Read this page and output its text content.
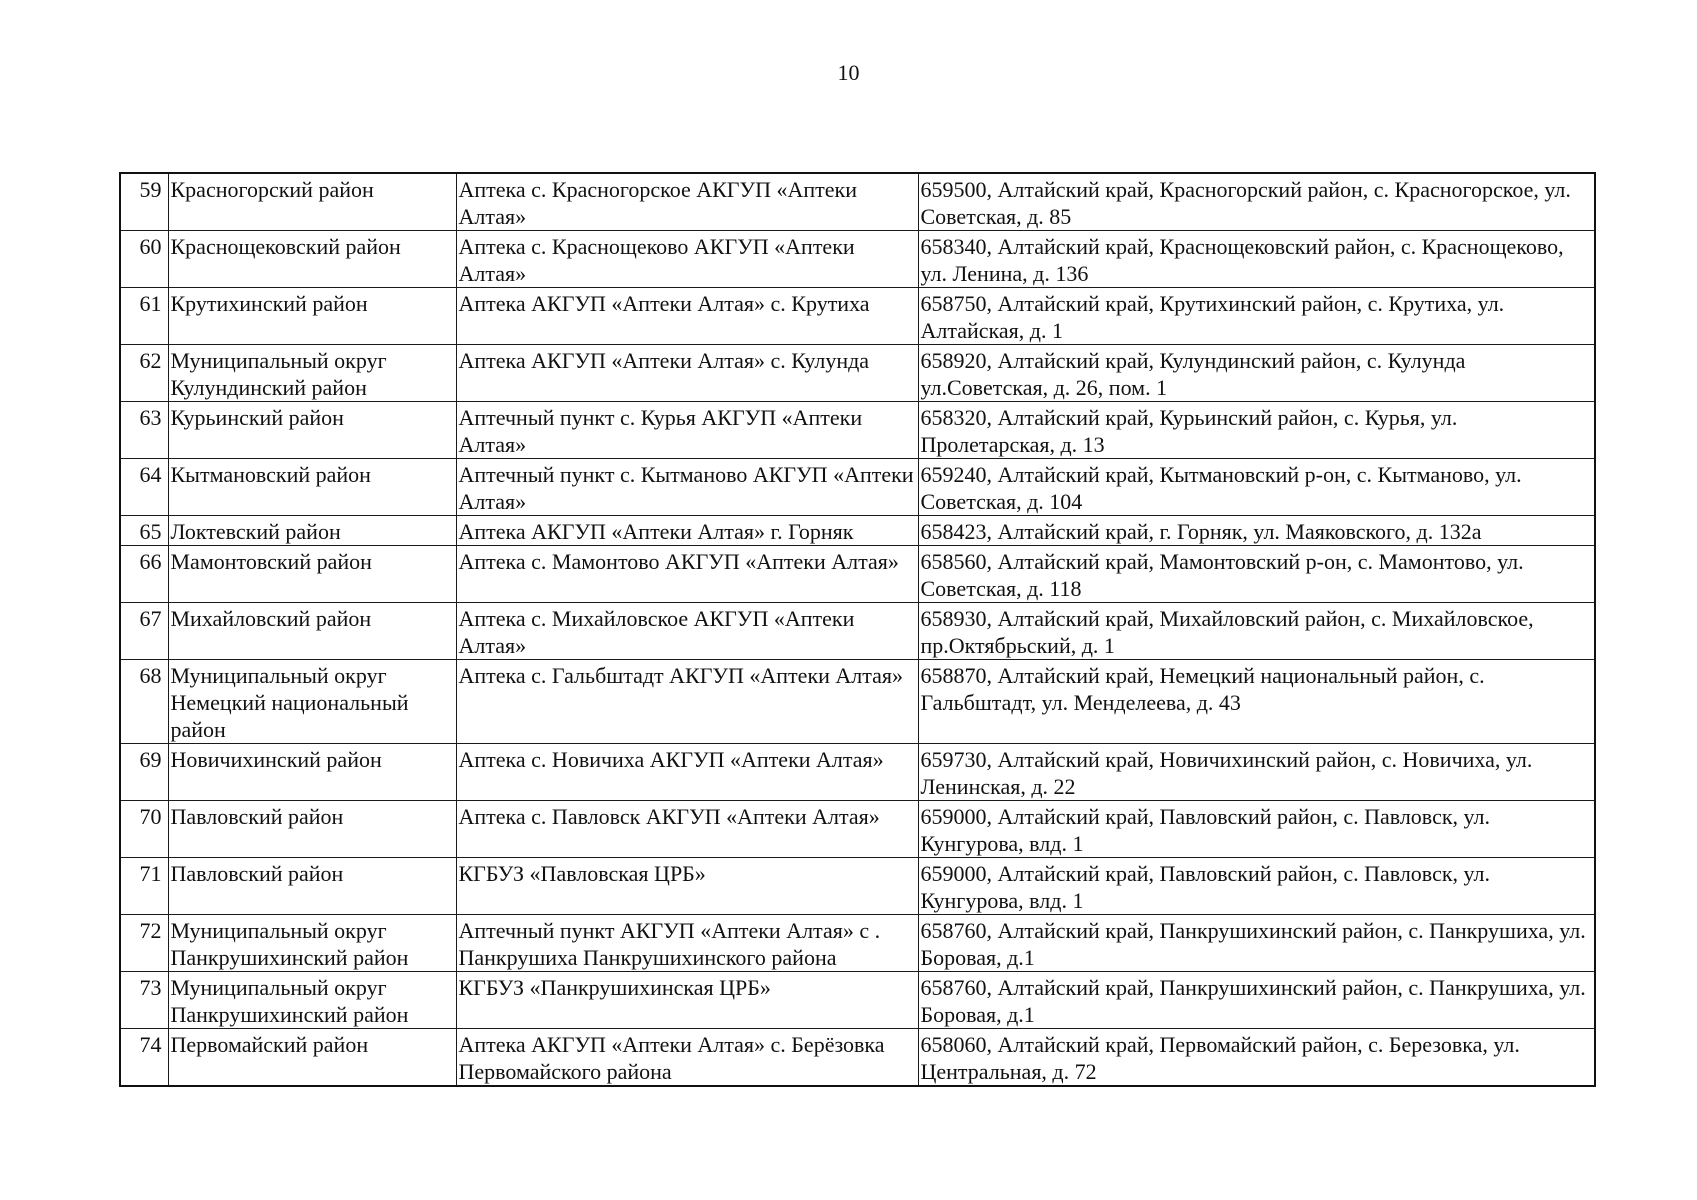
10
59	Красногорский район	Аптека с. Красногорское АКГУП «Аптеки Алтая»	659500, Алтайский край, Красногорский район, с. Красногорское, ул. Советская, д. 85
60	Краснощековский район	Аптека с. Краснощеково АКГУП «Аптеки Алтая»	658340, Алтайский край, Краснощековский район, с. Краснощеково, ул. Ленина, д. 136
61	Крутихинский район	Аптека АКГУП «Аптеки Алтая» с. Крутиха	658750, Алтайский край, Крутихинский район, с. Крутиха, ул. Алтайская, д. 1
62	Муниципальный округ Кулундинский район	Аптека АКГУП «Аптеки Алтая» с. Кулунда	658920, Алтайский край, Кулундинский район, с. Кулунда ул.Советская, д. 26, пом. 1
63	Курьинский район	Аптечный пункт с. Курья АКГУП «Аптеки Алтая»	658320, Алтайский край, Курьинский район, с. Курья, ул. Пролетарская, д. 13
64	Кытмановский район	Аптечный пункт с. Кытманово АКГУП «Аптеки Алтая»	659240, Алтайский край, Кытмановский р-он, с. Кытманово, ул. Советская, д. 104
65	Локтевский район	Аптека АКГУП «Аптеки Алтая» г. Горняк	658423, Алтайский край, г. Горняк, ул. Маяковского, д. 132а
66	Мамонтовский район	Аптека с. Мамонтово АКГУП «Аптеки Алтая»	658560, Алтайский край, Мамонтовский р-он, с. Мамонтово, ул. Советская, д. 118
67	Михайловский район	Аптека с. Михайловское АКГУП «Аптеки Алтая»	658930, Алтайский край, Михайловский район, с. Михайловское, пр.Октябрьский, д. 1
68	Муниципальный округ Немецкий национальный район	Аптека с. Гальбштадт АКГУП «Аптеки Алтая»	658870, Алтайский край, Немецкий национальный район, с. Гальбштадт, ул. Менделеева, д. 43
69	Новичихинский район	Аптека с. Новичиха АКГУП «Аптеки Алтая»	659730, Алтайский край, Новичихинский район, с. Новичиха, ул. Ленинская, д. 22
70	Павловский район	Аптека с. Павловск АКГУП «Аптеки Алтая»	659000, Алтайский край, Павловский район, с. Павловск, ул. Кунгурова, влд. 1
71	Павловский район	КГБУЗ «Павловская ЦРБ»	659000, Алтайский край, Павловский район, с. Павловск, ул. Кунгурова, влд. 1
72	Муниципальный округ Панкрушихинский район	Аптечный пункт АКГУП «Аптеки Алтая» с . Панкрушиха Панкрушихинского района	658760, Алтайский край, Панкрушихинский район, с. Панкрушиха, ул. Боровая, д.1
73	Муниципальный округ Панкрушихинский район	КГБУЗ «Панкрушихинская ЦРБ»	658760, Алтайский край, Панкрушихинский район, с. Панкрушиха, ул. Боровая, д.1
74	Первомайский район	Аптека АКГУП «Аптеки Алтая» с. Берёзовка Первомайского района	658060, Алтайский край, Первомайский район, с. Березовка, ул. Центральная, д. 72
